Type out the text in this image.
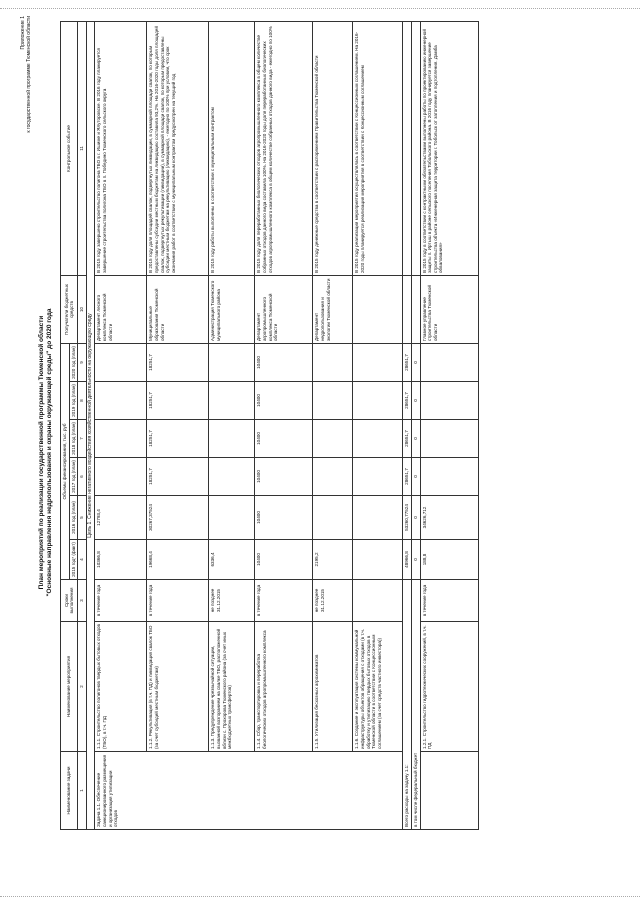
Приложение 1 к государственной программе Тюменской области
План мероприятий по реализации государственной программы Тюменской области "Основные направления недропользования и охраны окружающей среды" до 2020 года
Наименование задачи	Наименование мероприятия	Сроки выполнения	Объемы финансирования, тыс. руб						Получатели бюджетных средств	Контрольное событие
			2015 год* (факт)	2016 год (план)	2017 год (план)	2018 год (план)	2019 год (план)	2020 год (план)		
1	2	3	4	5	6	7	8	9	10	11
Цель 1. Снижение негативного воздействия хозяйственной деятельности на окружающую среду										
Задача 1.1. Обеспечение санкционированного размещения и организация утилизации отходов	1.1.1. Строительство полигонов твердых бытовых отходов (ТБО), в т.ч. ПД	в течение года	10366,8	12793,4					Департамент лесного комплекса Тюменской области	В 2015 году завершено строительство полигона ТБО в г. Ишиме и Ялуторовске. В 2016 году планируется завершение строительства полигона ТБО в п. Победино Тюменского сельского округа
	1.1.2. Рекультивация (в т.ч. ПД) и ликвидация свалок ТБО (за счет субсидий местным бюджетам)	в течение года	19668,4	30267,37524	18251,7	18251,7	18251,7	18251,7	Муниципальные образования Тюменской области	В 2015 году доля площадей свалок, подвергнутых ликвидации, в суммарной площади свалок, по которым предоставлены субсидии местным бюджетам на ликвидацию составила 93,2%. На 2016-2020 годы доля площадей свалок, подвергнутых рекультивации (ликвидации), в суммарной площади свалок, по которым предоставлены субсидии местным бюджетам на рекультивацию (ликвидацию), - ежегодно по 100% при условии, что срок окончания работ в соответствии с муниципальным контрактом предусмотрен на текущий год
	1.1.3. Предупреждение чрезвычайной ситуации, вызванной возгоранием на свалке ТБО, расположенной вблизи с. Прохорова Тюменского района (за счет иных межбюджетных трансфертов)	не позднее 31.12.2015	6336,4						Администрация Тюменского муниципального района	В 2015 году работы выполнены в соответствии с муниципальным контрактом
	1.1.4. Сбор, транспортировка и переработка биологических отходов агропромышленного комплекса	в течение года	10400	10400	10400	10400	10400	10400	Департамент агропромышленного комплекса Тюменской области	В 2015 году доля переработанных биологических отходов агропромышленного комплекса в общем количестве собранных отходов данного вида составила 100%. На 2016-2020 годы доля переработанных биологических отходов агропромышленного комплекса в общем количестве собранных отходов данного вида - ежегодно по 100%
	1.1.5. Утилизация бесхозных агрохимикатов	не позднее 31.12.2015	2195,2						Департамент недропользования и экологии Тюменской области	В 2015 году денежные средства в соответствии с распоряжением Правительства Тюменской области
	1.1.6. Создание и эксплуатация системы коммунальной инфраструктуры объектов обращения с отходами (в т.ч. обработку и утилизацию твердых бытовых отходов в Тюменской области в соответствии с Концессионным соглашением (за счет средств частного инвестора))									В 2015 году реализация мероприятия осуществлялась в соответствии с Концессионным соглашением. На 2016-2020 годы планируется реализация мероприятия в соответствии с Концессионным соглашением
Всего расходы на задачу 1.1:			48966,8	53260,77524	28651,7	28651,7	28651,7	28651,7		
в том числе федеральный бюджет			0	0	0	0	0	0		
	1.2.1. Строительство гидротехнических сооружений, в т.ч. ПД	в течение года	188,8	34626,712					Главное управление строительства Тюменской области	В 2015 году в соответствии с контрактными обязательствами выполнены работы по проектированию инженерной защиты п. Иртыш в районе сельского поселения Тобольского района. В 2016 году планируется завершение строительства объекта «Инженерная защита территории г. Тобольск от затопления и подтопления. Дамба обвалования»
